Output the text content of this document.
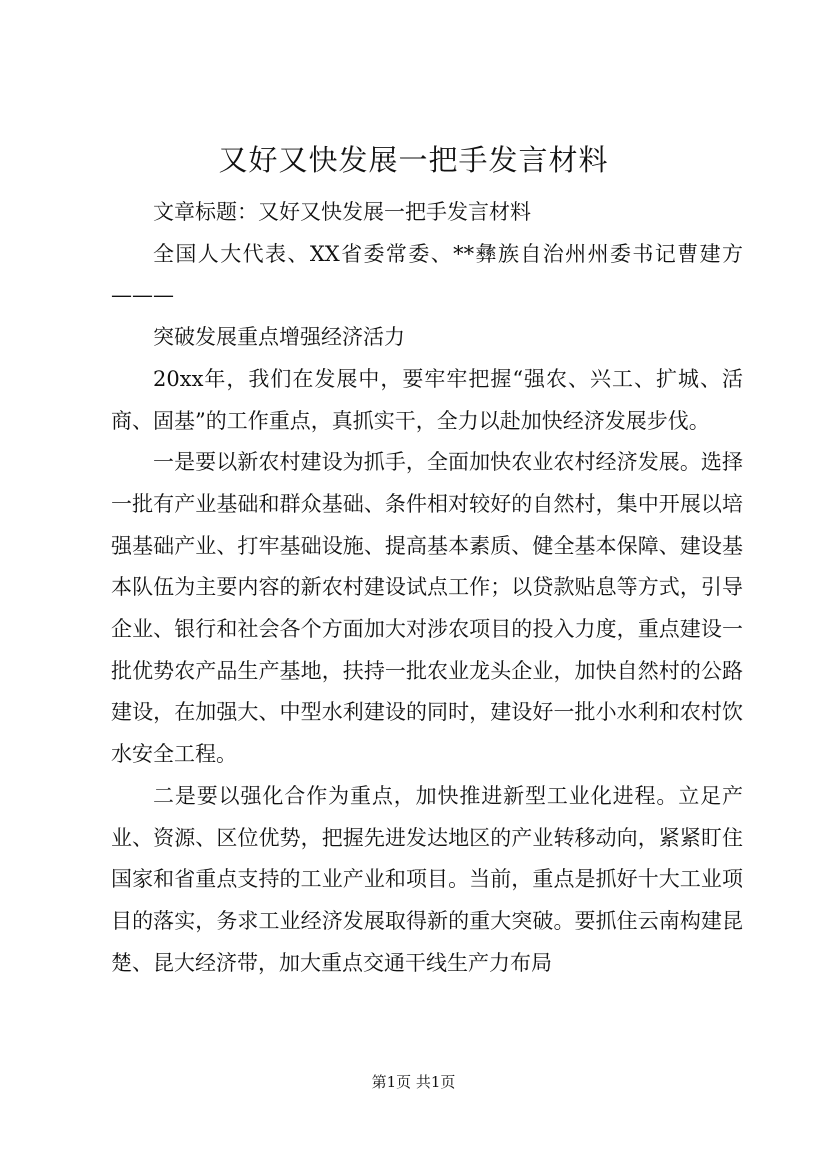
又好又快发展一把手发言材料

文章标题：又好又快发展一把手发言材料

全国人大代表、XX省委常委、**彝族自治州州委书记曹建方———

突破发展重点增强经济活力

20xx年，我们在发展中，要牢牢把握“强农、兴工、扩城、活商、固基”的工作重点，真抓实干，全力以赴加快经济发展步伐。

一是要以新农村建设为抓手，全面加快农业农村经济发展。选择一批有产业基础和群众基础、条件相对较好的自然村，集中开展以培强基础产业、打牢基础设施、提高基本素质、健全基本保障、建设基本队伍为主要内容的新农村建设试点工作；以贷款贴息等方式，引导企业、银行和社会各个方面加大对涉农项目的投入力度，重点建设一批优势农产品生产基地，扶持一批农业龙头企业，加快自然村的公路建设，在加强大、中型水利建设的同时，建设好一批小水利和农村饮水安全工程。

二是要以强化合作为重点，加快推进新型工业化进程。立足产业、资源、区位优势，把握先进发达地区的产业转移动向，紧紧盯住国家和省重点支持的工业产业和项目。当前，重点是抓好十大工业项目的落实，务求工业经济发展取得新的重大突破。要抓住云南构建昆楚、昆大经济带，加大重点交通干线生产力布局

第1页 共1页
